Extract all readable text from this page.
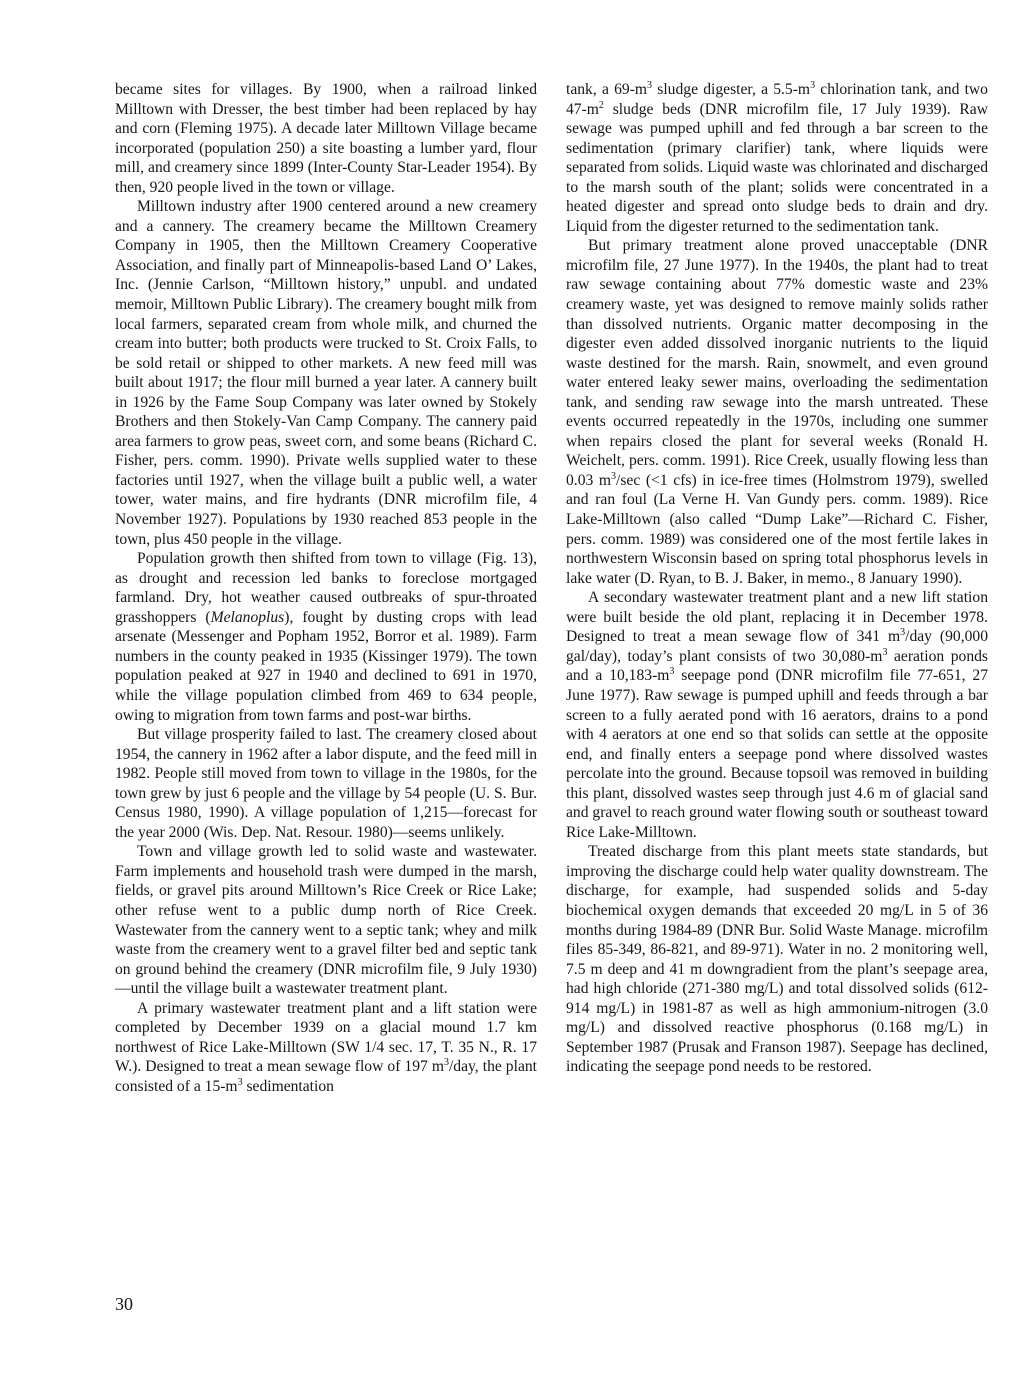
became sites for villages. By 1900, when a railroad linked Milltown with Dresser, the best timber had been replaced by hay and corn (Fleming 1975). A decade later Milltown Village became incorporated (population 250) a site boasting a lumber yard, flour mill, and creamery since 1899 (Inter-County Star-Leader 1954). By then, 920 people lived in the town or village.

Milltown industry after 1900 centered around a new creamery and a cannery. The creamery became the Milltown Creamery Company in 1905, then the Milltown Creamery Cooperative Association, and finally part of Minneapolis-based Land O’ Lakes, Inc. (Jennie Carlson, “Milltown history,” unpubl. and undated memoir, Milltown Public Library). The creamery bought milk from local farmers, separated cream from whole milk, and churned the cream into butter; both products were trucked to St. Croix Falls, to be sold retail or shipped to other markets. A new feed mill was built about 1917; the flour mill burned a year later. A cannery built in 1926 by the Fame Soup Company was later owned by Stokely Brothers and then Stokely-Van Camp Company. The cannery paid area farmers to grow peas, sweet corn, and some beans (Richard C. Fisher, pers. comm. 1990). Private wells supplied water to these factories until 1927, when the village built a public well, a water tower, water mains, and fire hydrants (DNR microfilm file, 4 November 1927). Populations by 1930 reached 853 people in the town, plus 450 people in the village.

Population growth then shifted from town to village (Fig. 13), as drought and recession led banks to foreclose mortgaged farmland. Dry, hot weather caused outbreaks of spur-throated grasshoppers (Melanoplus), fought by dusting crops with lead arsenate (Messenger and Popham 1952, Borror et al. 1989). Farm numbers in the county peaked in 1935 (Kissinger 1979). The town population peaked at 927 in 1940 and declined to 691 in 1970, while the village population climbed from 469 to 634 people, owing to migration from town farms and post-war births.

But village prosperity failed to last. The creamery closed about 1954, the cannery in 1962 after a labor dispute, and the feed mill in 1982. People still moved from town to village in the 1980s, for the town grew by just 6 people and the village by 54 people (U. S. Bur. Census 1980, 1990). A village population of 1,215—forecast for the year 2000 (Wis. Dep. Nat. Resour. 1980)—seems unlikely.

Town and village growth led to solid waste and wastewater. Farm implements and household trash were dumped in the marsh, fields, or gravel pits around Milltown’s Rice Creek or Rice Lake; other refuse went to a public dump north of Rice Creek. Wastewater from the cannery went to a septic tank; whey and milk waste from the creamery went to a gravel filter bed and septic tank on ground behind the creamery (DNR microfilm file, 9 July 1930)—until the village built a wastewater treatment plant.

A primary wastewater treatment plant and a lift station were completed by December 1939 on a glacial mound 1.7 km northwest of Rice Lake-Milltown (SW 1/4 sec. 17, T. 35 N., R. 17 W.). Designed to treat a mean sewage flow of 197 $m^3$/day, the plant consisted of a $15-m^3$ sedimentation

tank, a $69-m^3$ sludge digester, a $5.5-m^3$ chlorination tank, and two $47-m^2$ sludge beds (DNR microfilm file, 17 July 1939). Raw sewage was pumped uphill and fed through a bar screen to the sedimentation (primary clarifier) tank, where liquids were separated from solids. Liquid waste was chlorinated and discharged to the marsh south of the plant; solids were concentrated in a heated digester and spread onto sludge beds to drain and dry. Liquid from the digester returned to the sedimentation tank.

But primary treatment alone proved unacceptable (DNR microfilm file, 27 June 1977). In the 1940s, the plant had to treat raw sewage containing about 77% domestic waste and 23% creamery waste, yet was designed to remove mainly solids rather than dissolved nutrients. Organic matter decomposing in the digester even added dissolved inorganic nutrients to the liquid waste destined for the marsh. Rain, snowmelt, and even ground water entered leaky sewer mains, overloading the sedimentation tank, and sending raw sewage into the marsh untreated. These events occurred repeatedly in the 1970s, including one summer when repairs closed the plant for several weeks (Ronald H. Weichelt, pers. comm. 1991). Rice Creek, usually flowing less than 0.03 $m^3/\sec$ (<1 cfs) in ice-free times (Holmstrom 1979), swelled and ran foul (La Verne H. Van Gundy pers. comm. 1989). Rice Lake-Milltown (also called “Dump Lake”—Richard C. Fisher, pers. comm. 1989) was considered one of the most fertile lakes in northwestern Wisconsin based on spring total phosphorus levels in lake water (D. Ryan, to B. J. Baker, in memo., 8 January 1990).

A secondary wastewater treatment plant and a new lift station were built beside the old plant, replacing it in December 1978. Designed to treat a mean sewage flow of 341 $m^3$/day (90,000 gal/day), today’s plant consists of two $30,080-m^3$ aeration ponds and a $10,183-m^3$ seepage pond (DNR microfilm file 77-651, 27 June 1977). Raw sewage is pumped uphill and feeds through a bar screen to a fully aerated pond with 16 aerators, drains to a pond with 4 aerators at one end so that solids can settle at the opposite end, and finally enters a seepage pond where dissolved wastes percolate into the ground. Because topsoil was removed in building this plant, dissolved wastes seep through just 4.6 m of glacial sand and gravel to reach ground water flowing south or southeast toward Rice Lake-Milltown.

Treated discharge from this plant meets state standards, but improving the discharge could help water quality downstream. The discharge, for example, had suspended solids and 5-day biochemical oxygen demands that exceeded 20 mg/L in 5 of 36 months during 1984-89 (DNR Bur. Solid Waste Manage. microfilm files 85-349, 86-821, and 89-971). Water in no. 2 monitoring well, 7.5 m deep and 41 m downgradient from the plant’s seepage area, had high chloride (271-380 mg/L) and total dissolved solids (612-914 mg/L) in 1981-87 as well as high ammonium-nitrogen (3.0 mg/L) and dissolved reactive phosphorus (0.168 mg/L) in September 1987 (Prusak and Franson 1987). Seepage has declined, indicating the seepage pond needs to be restored.

30
